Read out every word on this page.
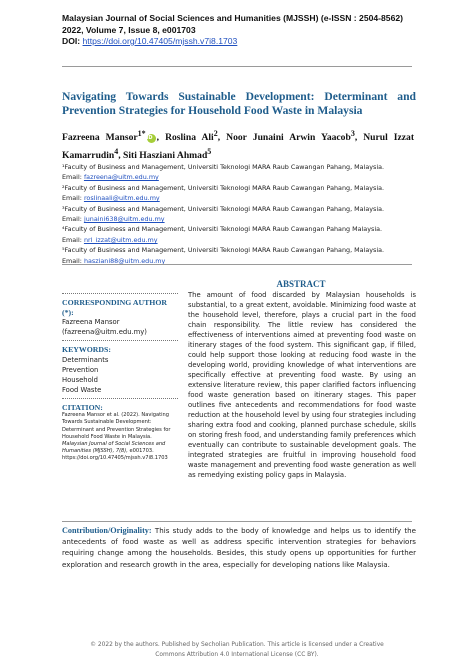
Malaysian Journal of Social Sciences and Humanities (MJSSH) (e-ISSN : 2504-8562)
2022, Volume 7, Issue 8, e001703
DOI: https://doi.org/10.47405/mjssh.v7i8.1703
Navigating Towards Sustainable Development: Determinant and Prevention Strategies for Household Food Waste in Malaysia
Fazreena Mansor$^{1*}$iD , Roslina Ali$^2$, Noor Junaini Arwin Yaacob$^3$, Nurul Izzat Kamarrudin$^4$, Siti Hasziani Ahmad$^5$
¹Faculty of Business and Management, Universiti Teknologi MARA Raub Cawangan Pahang, Malaysia.
Email: fazreena@uitm.edu.my
²Faculty of Business and Management, Universiti Teknologi MARA Raub Cawangan Pahang, Malaysia.
Email: roslinaali@uitm.edu.my
³Faculty of Business and Management, Universiti Teknologi MARA Raub Cawangan Pahang, Malaysia.
Email: junaini638@uitm.edu.my
⁴Faculty of Business and Management, Universiti Teknologi MARA Raub Cawangan Pahang Malaysia.
Email: nrl_izzat@uitm.edu.my
⁵Faculty of Business and Management, Universiti Teknologi MARA Raub Cawangan Pahang, Malaysia.
Email: hasziani88@uitm.edu.my
CORRESPONDING AUTHOR (*):
Fazreena Mansor
(fazreena@uitm.edu.my)
KEYWORDS:
Determinants
Prevention
Household
Food Waste
CITATION:
Fazreena Mansor et al. (2022). Navigating Towards Sustainable Development: Determinant and Prevention Strategies for Household Food Waste in Malaysia. Malaysian Journal of Social Sciences and Humanities (MJSSH), 7(8), e001703. https://doi.org/10.47405/mjssh.v7i8.1703
ABSTRACT
The amount of food discarded by Malaysian households is substantial, to a great extent, avoidable. Minimizing food waste at the household level, therefore, plays a crucial part in the food chain responsibility. The little review has considered the effectiveness of interventions aimed at preventing food waste on itinerary stages of the food system. This significant gap, if filled, could help support those looking at reducing food waste in the developing world, providing knowledge of what interventions are specifically effective at preventing food waste. By using an extensive literature review, this paper clarified factors influencing food waste generation based on itinerary stages. This paper outlines five antecedents and recommendations for food waste reduction at the household level by using four strategies including sharing extra food and cooking, planned purchase schedule, skills on storing fresh food, and understanding family preferences which eventually can contribute to sustainable development goals. The integrated strategies are fruitful in improving household food waste management and preventing food waste generation as well as remedying existing policy gaps in Malaysia.
Contribution/Originality: This study adds to the body of knowledge and helps us to identify the antecedents of food waste as well as address specific intervention strategies for behaviors requiring change among the households. Besides, this study opens up opportunities for further exploration and research growth in the area, especially for developing nations like Malaysia.
© 2022 by the authors. Published by Secholian Publication. This article is licensed under a Creative
Commons Attribution 4.0 International License (CC BY).
